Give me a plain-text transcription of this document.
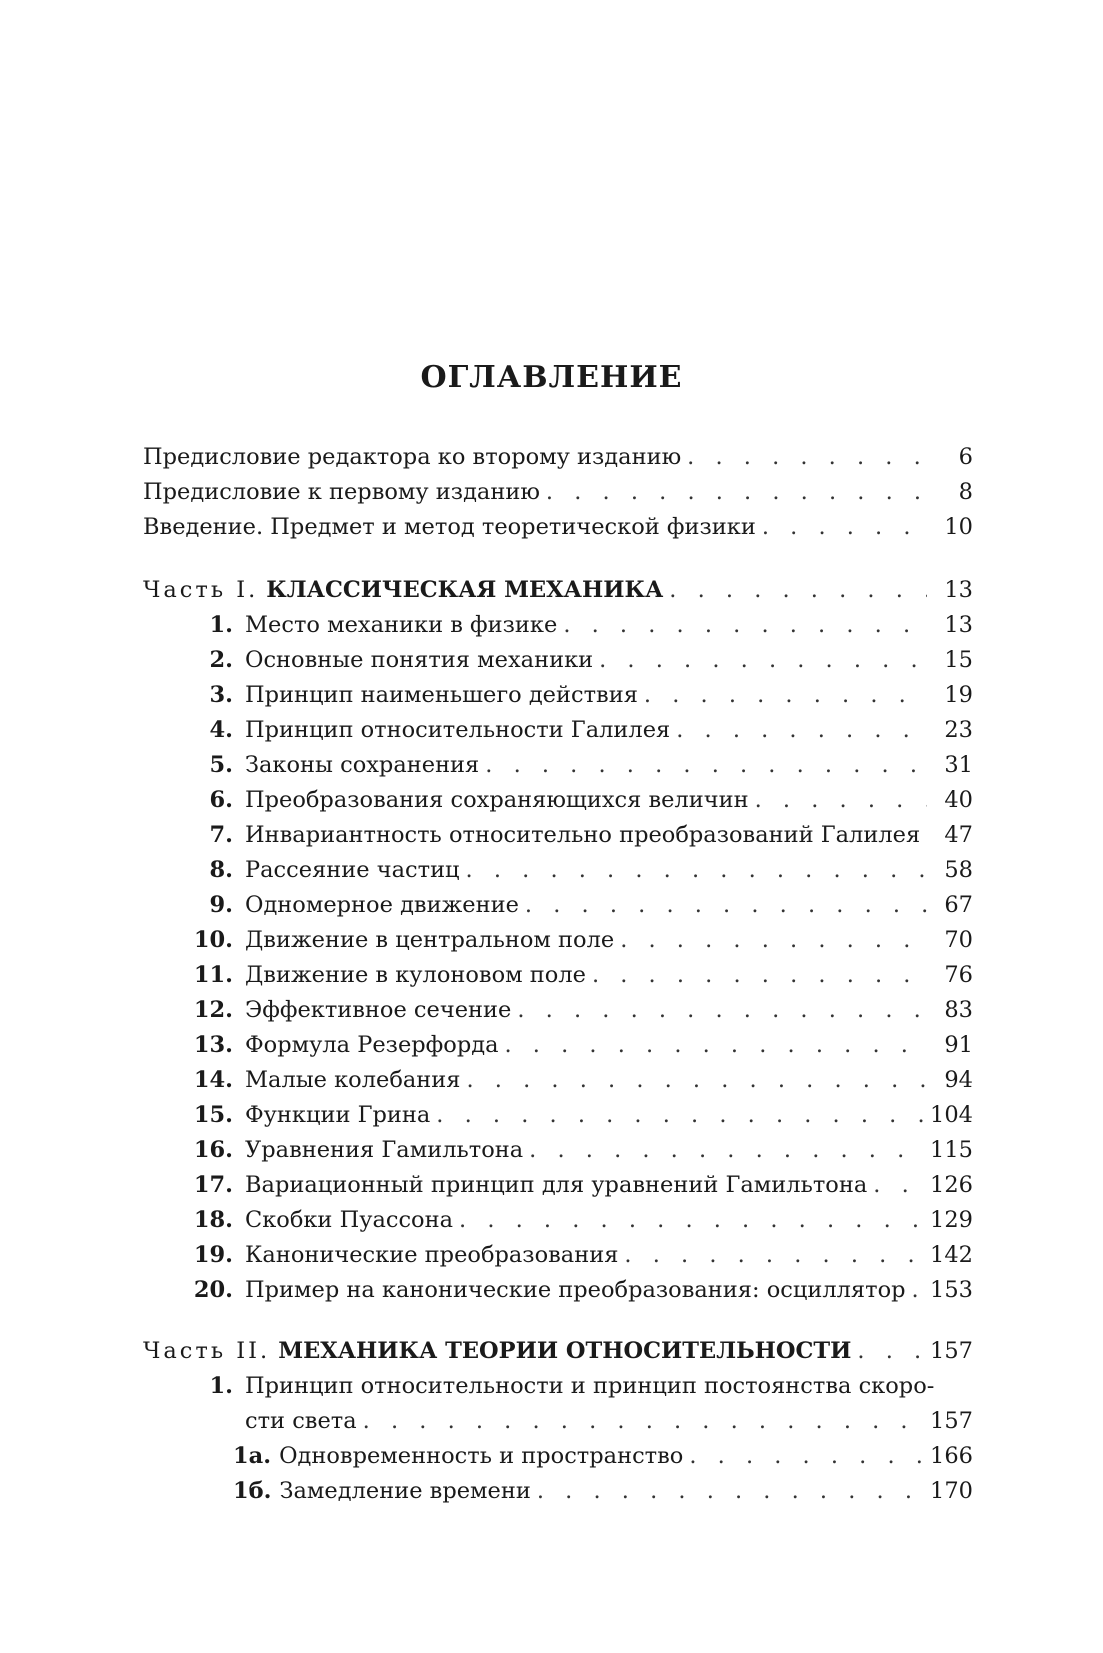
ОГЛАВЛЕНИЕ
Предисловие редактора ко второму изданию . . .	6
Предисловие к первому изданию . . .	8
Введение. Предмет и метод теоретической физики . . .	10
Часть I. КЛАССИЧЕСКАЯ МЕХАНИКА . . .	13
1. Место механики в физике . . .	13
2. Основные понятия механики . . .	15
3. Принцип наименьшего действия . . .	19
4. Принцип относительности Галилея . . .	23
5. Законы сохранения . . .	31
6. Преобразования сохраняющихся величин . . .	40
7. Инвариантность относительно преобразований Галилея . . .	47
8. Рассеяние частиц . . .	58
9. Одномерное движение . . .	67
10. Движение в центральном поле . . .	70
11. Движение в кулоновом поле . . .	76
12. Эффективное сечение . . .	83
13. Формула Резерфорда . . .	91
14. Малые колебания . . .	94
15. Функции Грина . . .	104
16. Уравнения Гамильтона . . .	115
17. Вариационный принцип для уравнений Гамильтона . . .	126
18. Скобки Пуассона . . .	129
19. Канонические преобразования . . .	142
20. Пример на канонические преобразования: осциллятор . . . 153
Часть II. МЕХАНИКА ТЕОРИИ ОТНОСИТЕЛЬНОСТИ . . .	157
1. Принцип относительности и принцип постоянства скоро-
сти света . . .	157
1а. Одновременность и пространство . . .	166
1б. Замедление времени . . .	170
